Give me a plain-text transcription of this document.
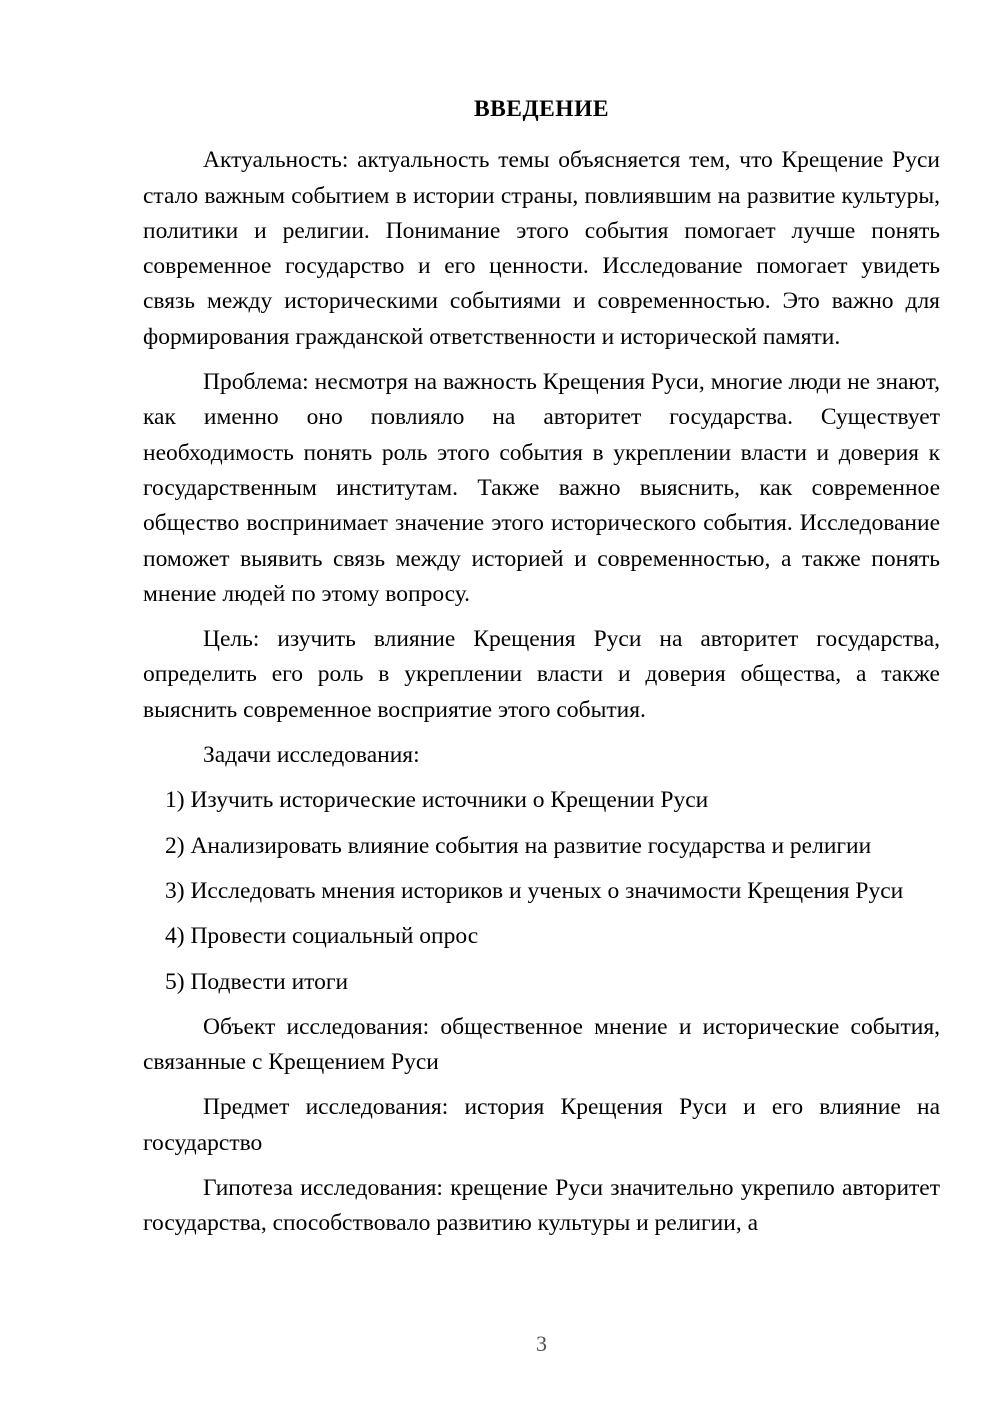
ВВЕДЕНИЕ

Актуальность: актуальность темы объясняется тем, что Крещение Руси стало важным событием в истории страны, повлиявшим на развитие культуры, политики и религии. Понимание этого события помогает лучше понять современное государство и его ценности. Исследование помогает увидеть связь между историческими событиями и современностью. Это важно для формирования гражданской ответственности и исторической памяти.

Проблема: несмотря на важность Крещения Руси, многие люди не знают, как именно оно повлияло на авторитет государства. Существует необходимость понять роль этого события в укреплении власти и доверия к государственным институтам. Также важно выяснить, как современное общество воспринимает значение этого исторического события. Исследование поможет выявить связь между историей и современностью, а также понять мнение людей по этому вопросу.

Цель: изучить влияние Крещения Руси на авторитет государства, определить его роль в укреплении власти и доверия общества, а также выяснить современное восприятие этого события.

Задачи исследования:

1) Изучить исторические источники о Крещении Руси

2) Анализировать влияние события на развитие государства и религии

3) Исследовать мнения историков и ученых о значимости Крещения Руси

4) Провести социальный опрос

5) Подвести итоги

Объект исследования: общественное мнение и исторические события, связанные с Крещением Руси

Предмет исследования: история Крещения Руси и его влияние на государство

Гипотеза исследования: крещение Руси значительно укрепило авторитет государства, способствовало развитию культуры и религии, а

3
